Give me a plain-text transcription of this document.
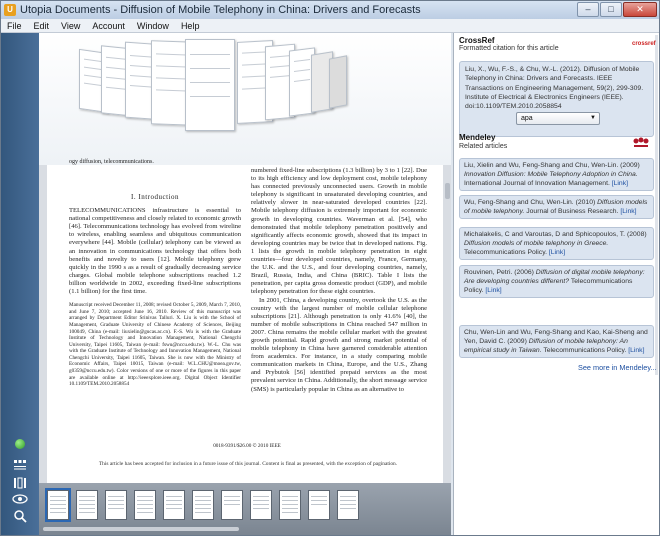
U Utopia Documents - Diffusion of Mobile Telephony in China: Drivers and Forecasts	–	□	✕
File	Edit	View	Account	Window	Help
ogy diffusion, telecommunications.
I. Introduction
TELECOMMUNICATIONS infrastructure is essential to national competitiveness and closely related to economic growth [46]. Telecommunications technology has evolved from wireline to wireless, enabling seamless and ubiquitous communication everywhere [44]. Mobile (cellular) telephony can be viewed as an innovation in communications technology that offers both benefits and novelty to users [12]. Mobile telephony grew quickly in the 1990 s as a result of gradually decreasing service charges. Global mobile telephone subscriptions reached 1.2 billion worldwide in 2002, exceeding fixed-line subscriptions (1.1 billion) for the first time.
Manuscript received December 11, 2008; revised October 5, 2009, March 7, 2010, and June 7, 2010; accepted June 16, 2010. Review of this manuscript was arranged by Department Editor Srinivas Talluri. X. Liu is with the School of Management, Graduate University of Chinese Academy of Sciences, Beijing 100049, China (e-mail: liuxielin@gucas.ac.cn). F.-S. Wu is with the Graduate Institute of Technology and Innovation Management, National Chengchi University, Taipei 11605, Taiwan (e-mail: fswu@nccu.edu.tw). W.-L. Chu was with the Graduate Institute of Technology and Innovation Management, National Chengchi University, Taipei 11605, Taiwan. She is now with the Ministry of Economic Affairs, Taipei 10015, Taiwan (e-mail: W.L.CHU@moea.gov.tw, g0359@nccu.edu.tw). Color versions of one or more of the figures in this paper are available online at http://ieeexplore.ieee.org. Digital Object Identifier 10.1109/TEM.2010.2058854
numbered fixed-line subscriptions (1.3 billion) by 3 to 1 [22]. Due to its high efficiency and low deployment cost, mobile telephony has connected previously unconnected users. Growth in mobile telephony is significant in unsaturated developing countries, and relatively slower in near-saturated developed countries [22]. Mobile telephony diffusion is extremely important for economic growth in developing countries. Waverman et al. [54], who demonstrated that mobile telephony penetration positively and significantly affects economic growth, showed that its impact in developing countries may be twice that in developed nations. Fig. 1 lists the growth in mobile telephony penetration in eight countries—four developed countries, namely, France, Germany, the U.K. and the U.S., and four developing countries, namely, Brazil, Russia, India, and China (BRIC). Table I lists the penetration, per capita gross domestic product (GDP), and mobile telephony penetration for these eight countries.
In 2001, China, a developing country, overtook the U.S. as the country with the largest number of mobile cellular telephone subscriptions [21]. Although penetration is only 41.6% [40], the number of mobile subscriptions in China reached 547 million in 2007. China remains the mobile cellular market with the greatest growth potential. Rapid growth and strong market potential of mobile telephony in China have garnered considerable attention from academics. For instance, in a study comparing mobile communication markets in China, Europe, and the U.S., Zhang and Prybutok [56] identified prepaid services as the most prevalent service in China. Additionally, the short message service (SMS) is particularly popular in China as an alternative to
0018-9391/$26.00 © 2010 IEEE
This article has been accepted for inclusion in a future issue of this journal. Content is final as presented, with the exception of pagination.
CrossRef
Formatted citation for this article
crossref
Liu, X., Wu, F.-S., & Chu, W.-L. (2012). Diffusion of Mobile Telephony in China: Drivers and Forecasts. IEEE Transactions on Engineering Management, 59(2), 299-309. Institute of Electrical & Electronics Engineers (IEEE). doi:10.1109/TEM.2010.2058854
apa	▼
Mendeley
Related articles
Liu, Xielin and Wu, Feng-Shang and Chu, Wen-Lin. (2009) Innovation Diffusion: Mobile Telephony Adoption in China. International Journal of Innovation Management. [Link]
Wu, Feng-Shang and Chu, Wen-Lin. (2010) Diffusion models of mobile telephony. Journal of Business Research. [Link]
Michalakelis, C and Varoutas, D and Sphicopoulos, T. (2008) Diffusion models of mobile telephony in Greece. Telecommunications Policy. [Link]
Rouvinen, Petri. (2006) Diffusion of digital mobile telephony: Are developing countries different? Telecommunications Policy. [Link]
Chu, Wen-Lin and Wu, Feng-Shang and Kao, Kai-Sheng and Yen, David C. (2009) Diffusion of mobile telephony: An empirical study in Taiwan. Telecommunications Policy. [Link]
See more in Mendeley...
